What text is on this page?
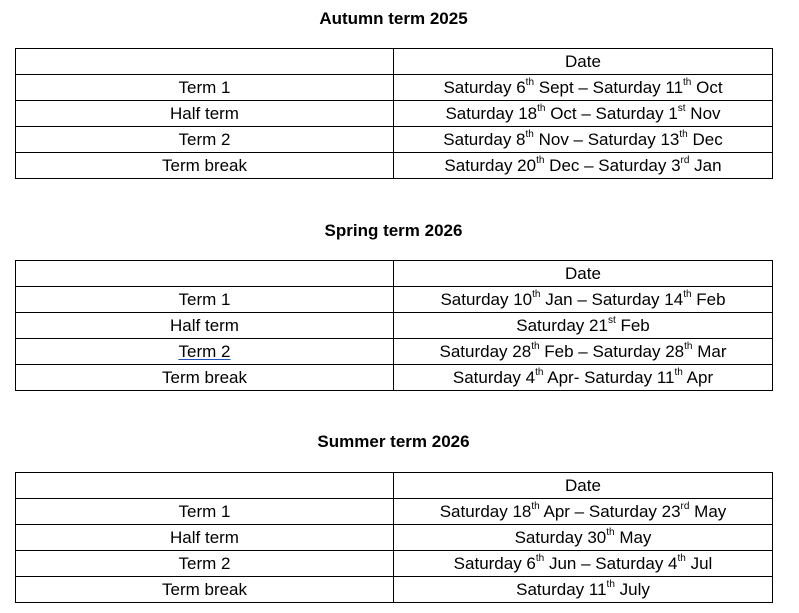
Autumn term 2025
	Date
Term 1	Saturday 6th Sept – Saturday 11th Oct
Half term	Saturday 18th Oct – Saturday 1st Nov
Term 2	Saturday 8th Nov – Saturday 13th Dec
Term break	Saturday 20th Dec – Saturday 3rd Jan
Spring term 2026
	Date
Term 1	Saturday 10th Jan – Saturday 14th Feb
Half term	Saturday 21st Feb
Term 2	Saturday 28th Feb – Saturday 28th Mar
Term break	Saturday 4th Apr- Saturday 11th Apr
Summer term 2026
	Date
Term 1	Saturday 18th Apr – Saturday 23rd May
Half term	Saturday 30th May
Term 2	Saturday 6th Jun – Saturday 4th Jul
Term break	Saturday 11th July
